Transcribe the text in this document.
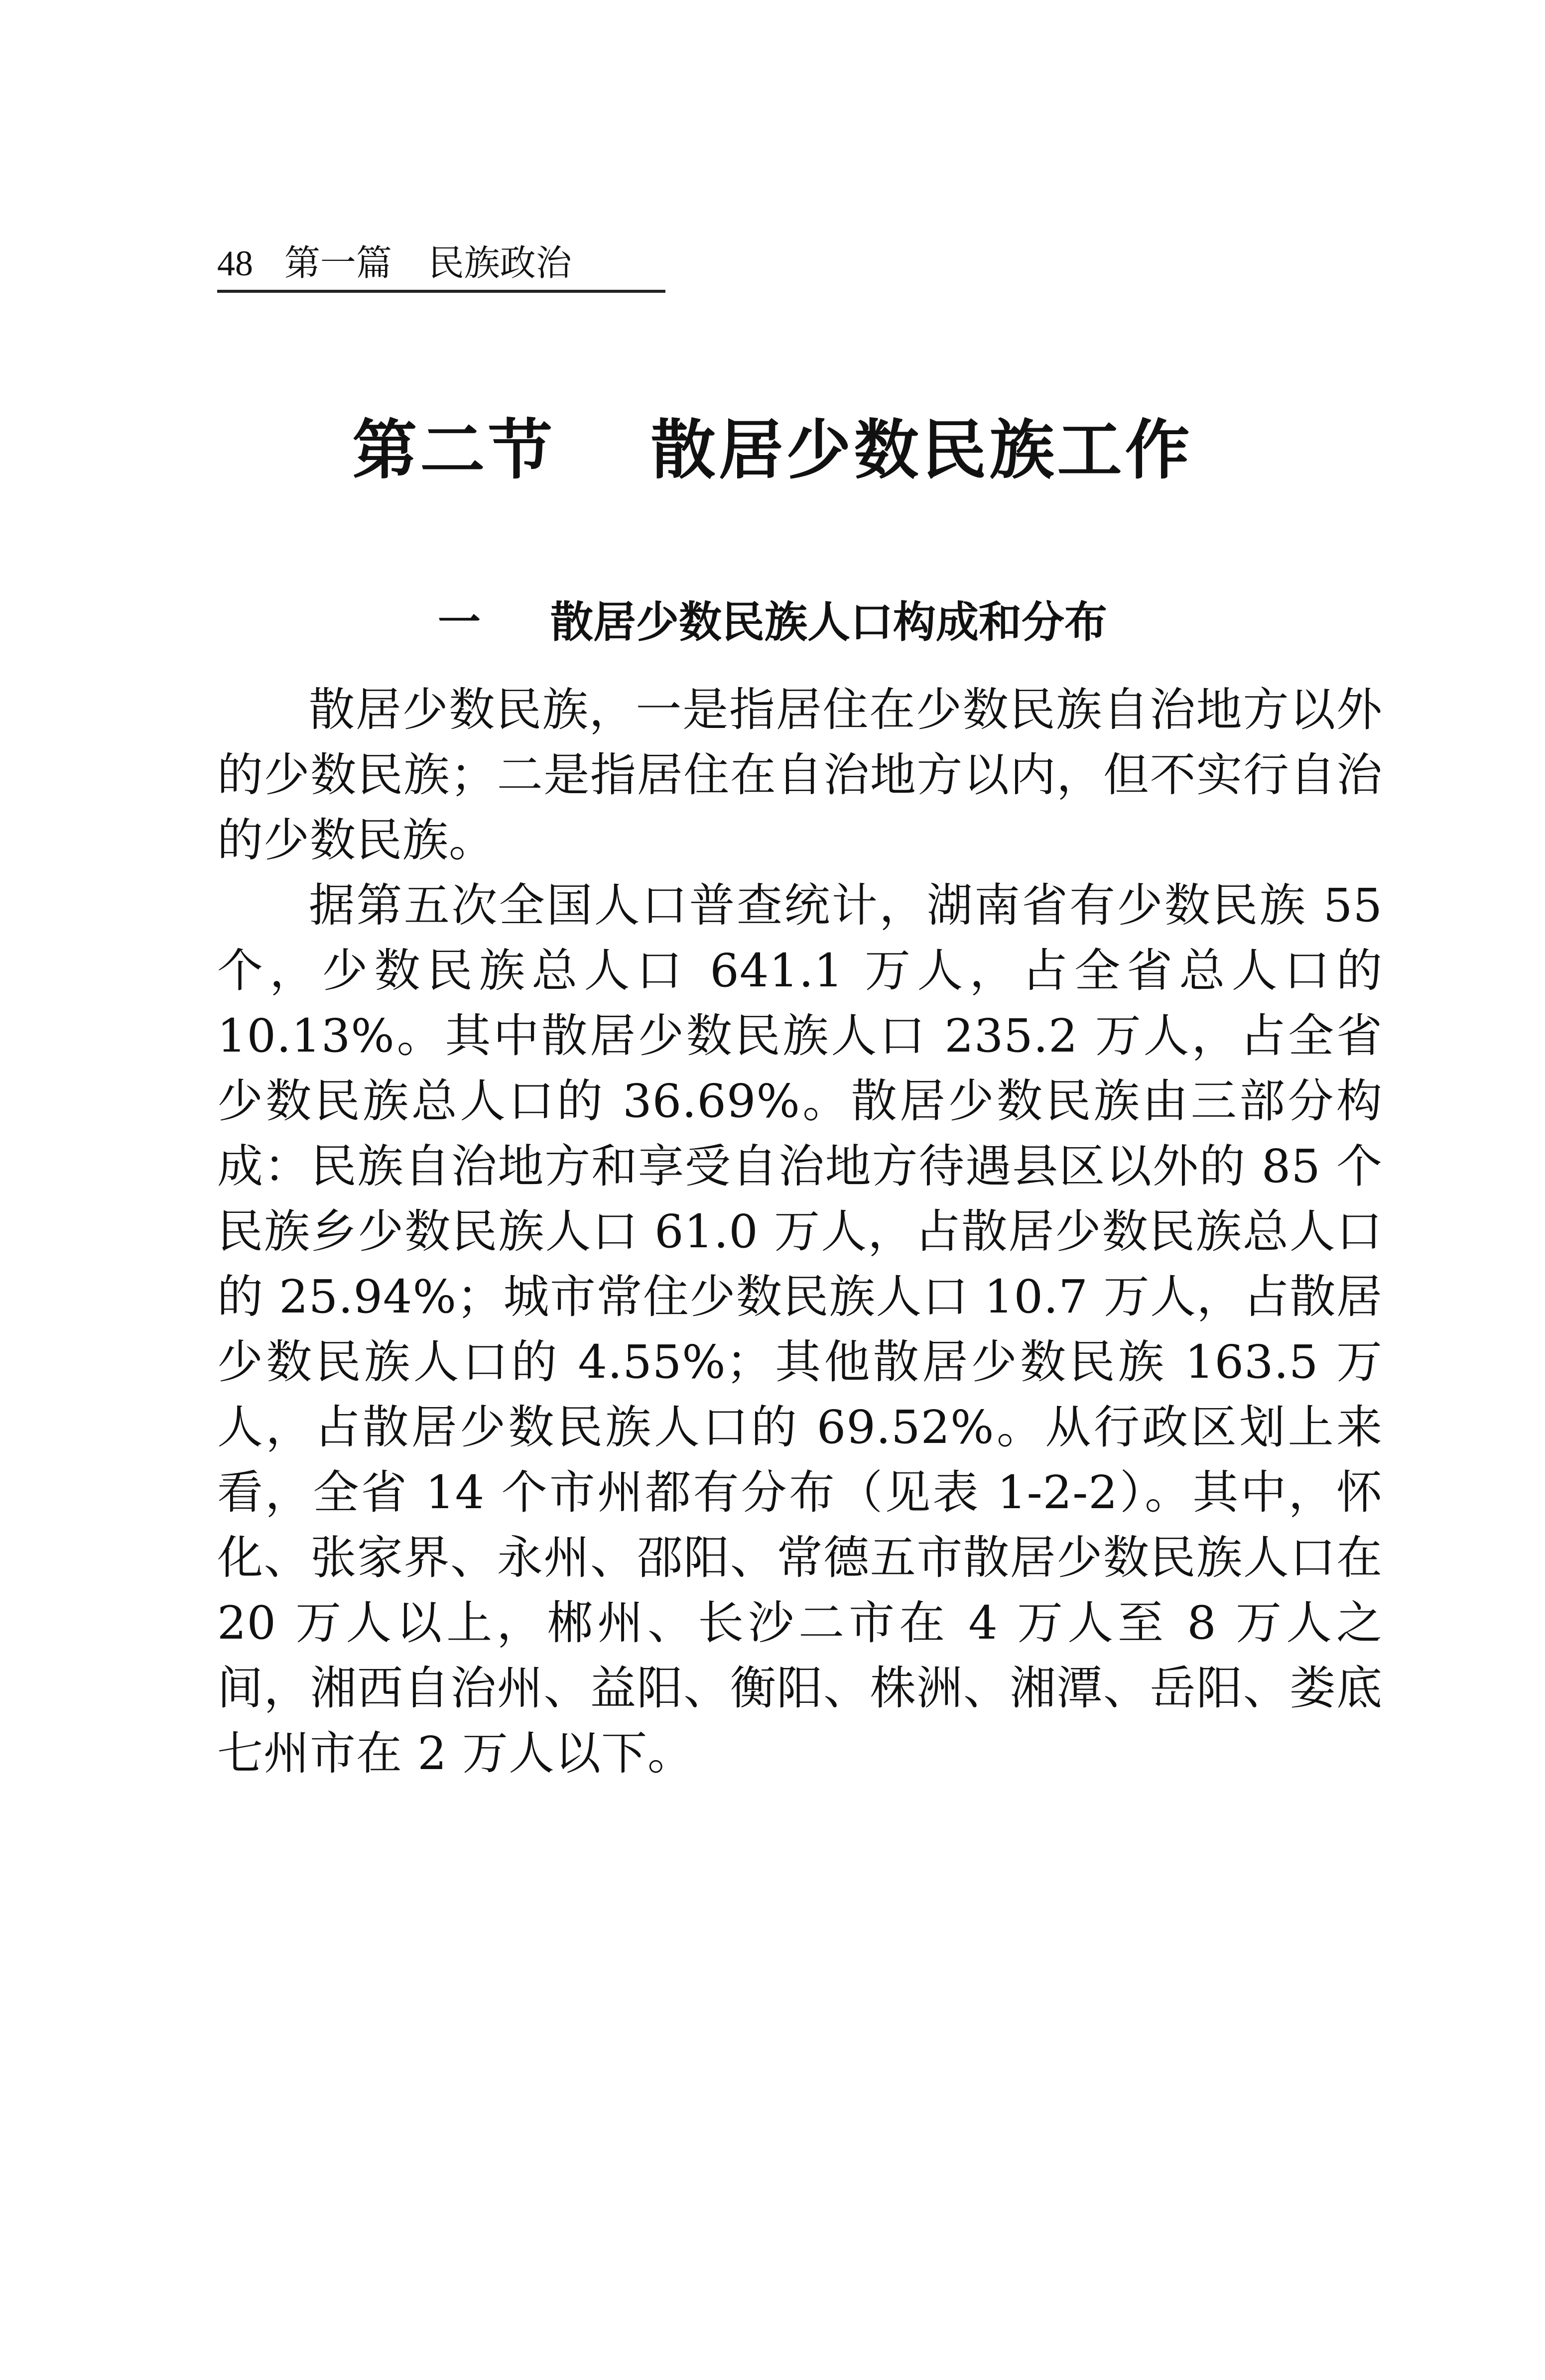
48 第一篇 民族政治
第二节 散居少数民族工作
一 散居少数民族人口构成和分布

散居少数民族，一是指居住在少数民族自治地方以外的少数民族；二是指居住在自治地方以内，但不实行自治的少数民族。

据第五次全国人口普查统计，湖南省有少数民族 55 个，少数民族总人口 641.1 万人，占全省总人口的 10.13%。其中散居少数民族人口 235.2 万人，占全省少数民族总人口的 36.69%。散居少数民族由三部分构成：民族自治地方和享受自治地方待遇县区以外的 85 个民族乡少数民族人口 61.0 万人，占散居少数民族总人口的 25.94%；城市常住少数民族人口 10.7 万人，占散居少数民族人口的 4.55%；其他散居少数民族 163.5 万人，占散居少数民族人口的 69.52%。从行政区划上来看，全省 14 个市州都有分布（见表 1-2-2）。其中，怀化、张家界、永州、邵阳、常德五市散居少数民族人口在 20 万人以上，郴州、长沙二市在 4 万人至 8 万人之间，湘西自治州、益阳、衡阳、株洲、湘潭、岳阳、娄底七州市在 2 万人以下。
